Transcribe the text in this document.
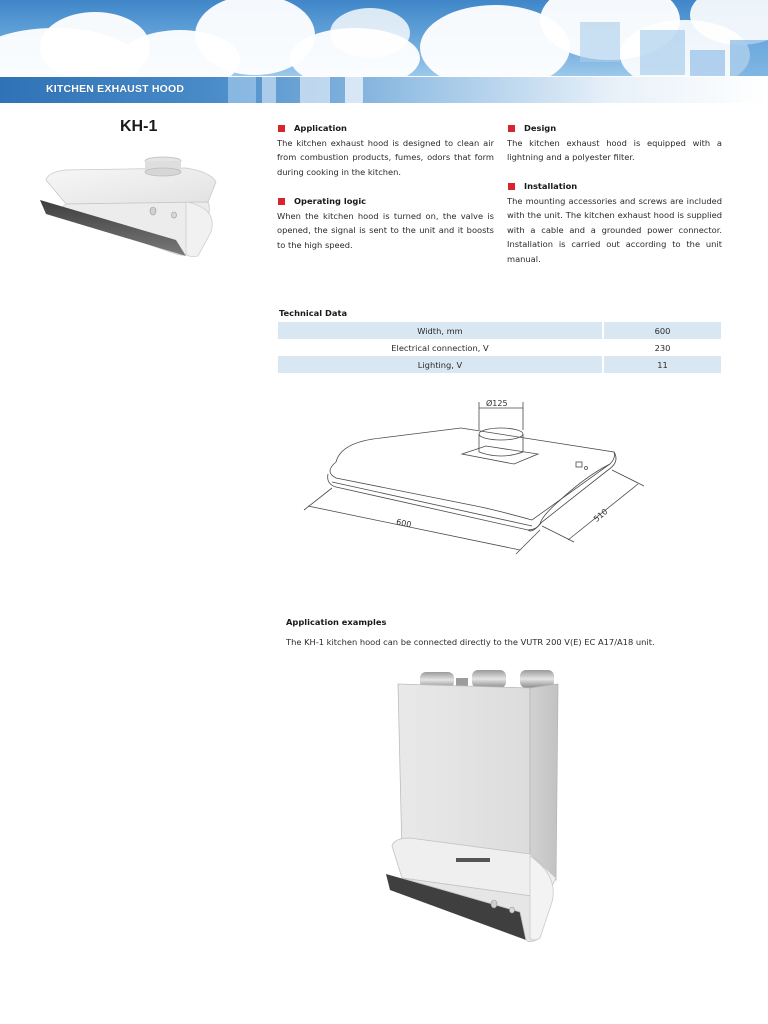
KITCHEN EXHAUST HOOD
KH-1	Application
The kitchen exhaust hood is designed to clean air from combustion products, fumes, odors that form during cooking in the kitchen.
Operating logic
When the kitchen hood is turned on, the valve is opened, the signal is sent to the unit and it boosts to the high speed.
Design
The kitchen exhaust hood is equipped with a lightning and a polyester filter.
Installation
The mounting accessories and screws are included with the unit. The kitchen exhaust hood is supplied with a cable and a grounded power connector. Installation is carried out according to the unit manual.
Technical Data
Width, mm	600
Electrical connection, V	230
Lighting, V	11
Ø125
600	510
Application examples
The KH-1 kitchen hood can be connected directly to the VUTR 200 V(E) EC A17/A18 unit.
